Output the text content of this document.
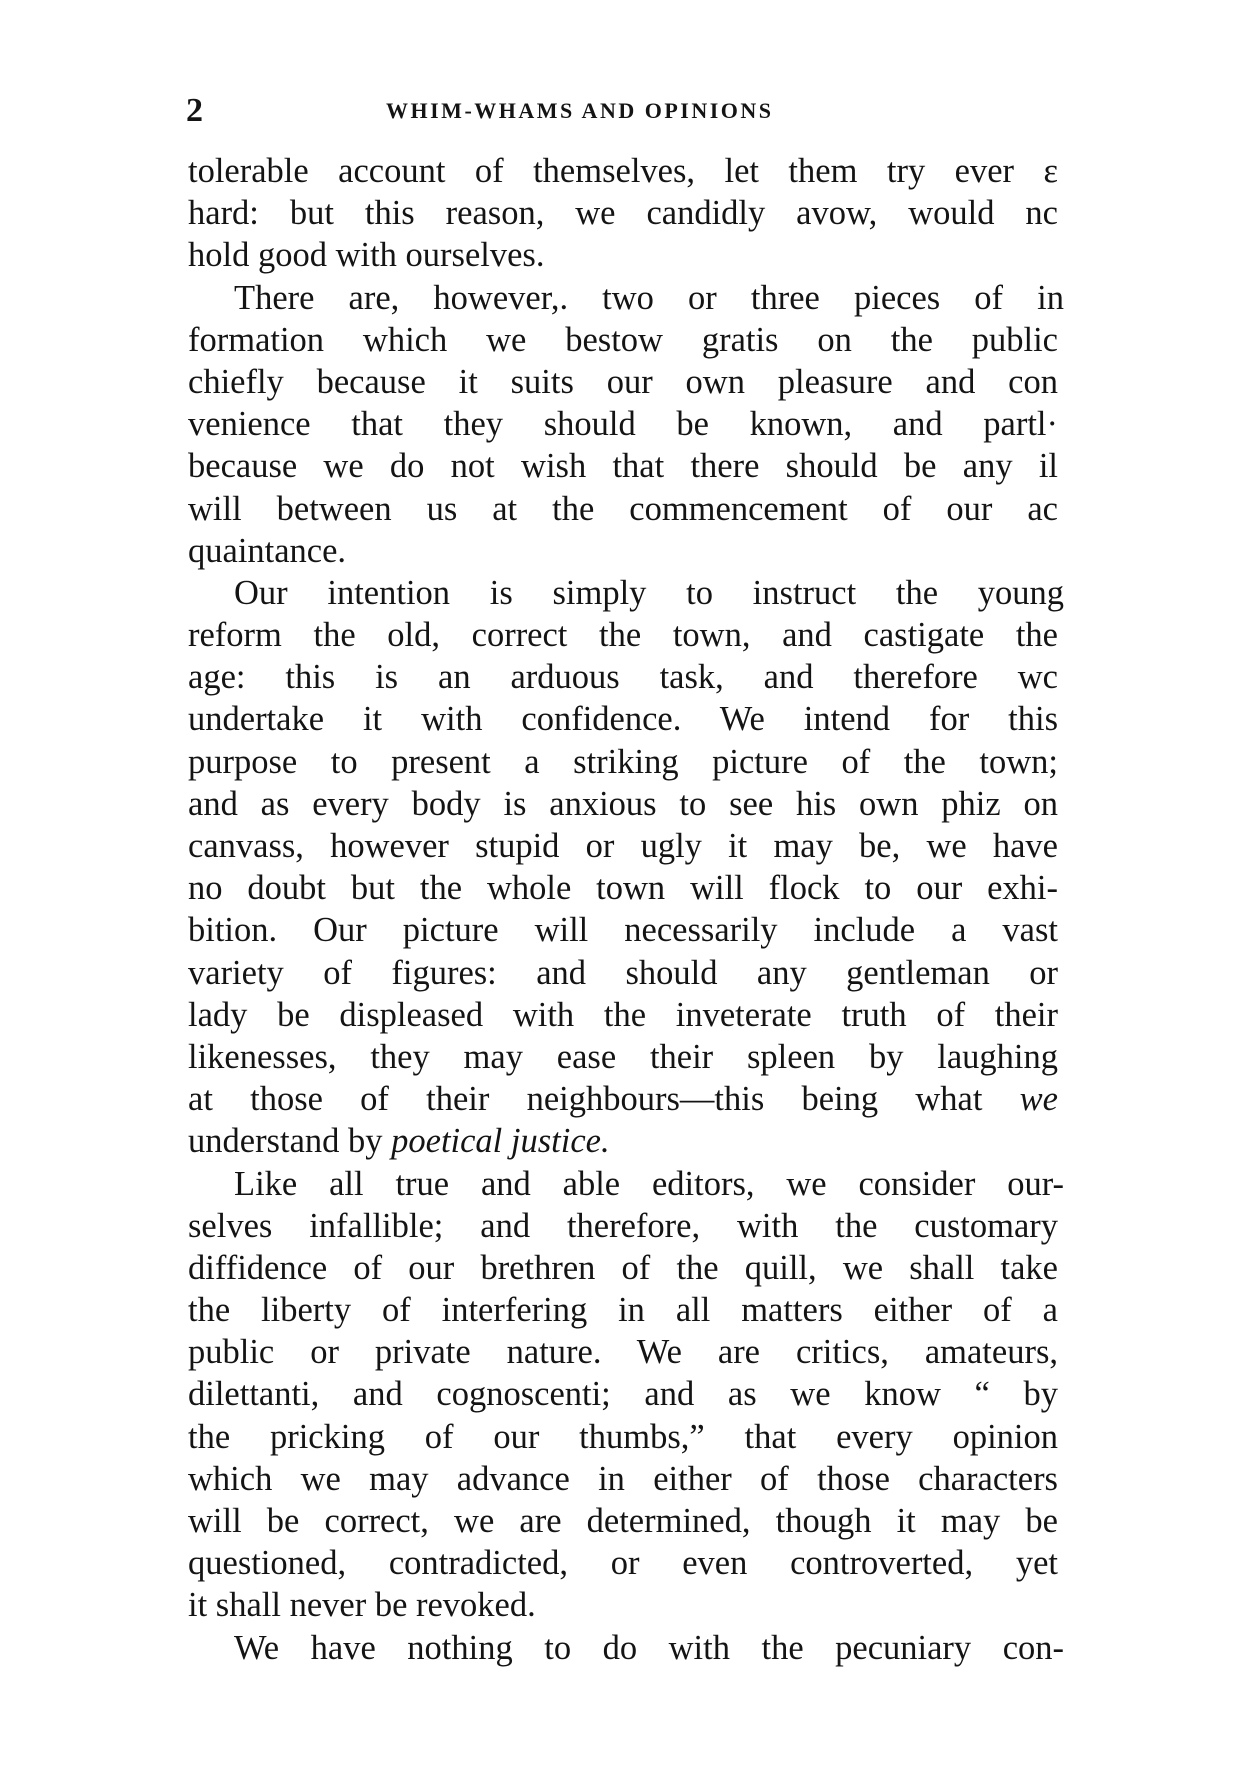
2	WHIM-WHAMS AND OPINIONS
tolerable account of themselves, let them try ever ε
hard: but this reason, we candidly avow, would nc
hold good with ourselves.
There are, however,. two or three pieces of in
formation which we bestow gratis on the public
chiefly because it suits our own pleasure and con
venience that they should be known, and partl·
because we do not wish that there should be any il
will between us at the commencement of our ac
quaintance.
Our intention is simply to instruct the young
reform the old, correct the town, and castigate the
age: this is an arduous task, and therefore wc
undertake it with confidence. We intend for this
purpose to present a striking picture of the town;
and as every body is anxious to see his own phiz on
canvass, however stupid or ugly it may be, we have
no doubt but the whole town will flock to our exhi-
bition. Our picture will necessarily include a vast
variety of figures: and should any gentleman or
lady be displeased with the inveterate truth of their
likenesses, they may ease their spleen by laughing
at those of their neighbours—this being what we
understand by poetical justice.
Like all true and able editors, we consider our-
selves infallible; and therefore, with the customary
diffidence of our brethren of the quill, we shall take
the liberty of interfering in all matters either of a
public or private nature. We are critics, amateurs,
dilettanti, and cognoscenti; and as we know “ by
the pricking of our thumbs,” that every opinion
which we may advance in either of those characters
will be correct, we are determined, though it may be
questioned, contradicted, or even controverted, yet
it shall never be revoked.
We have nothing to do with the pecuniary con-
